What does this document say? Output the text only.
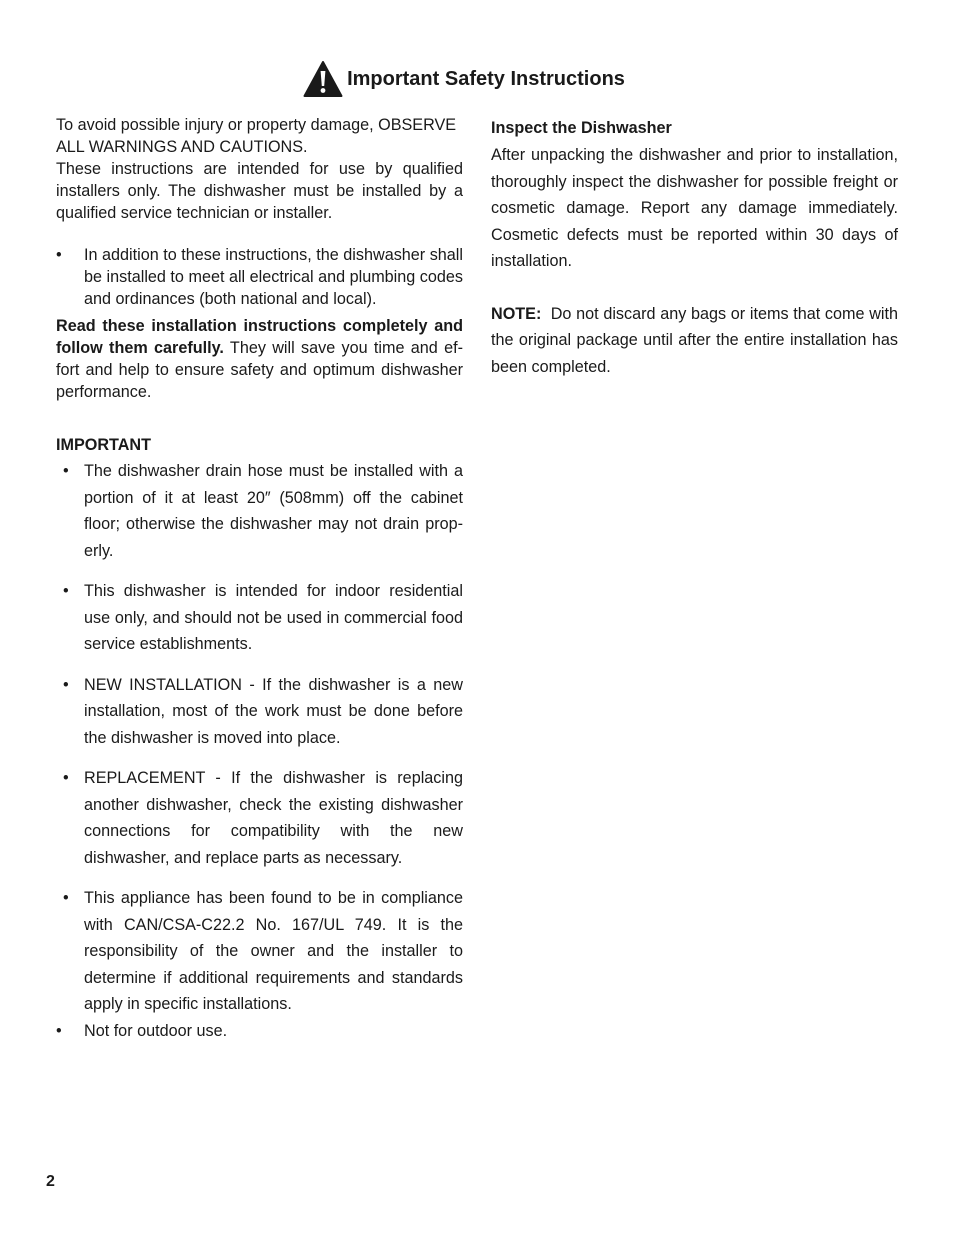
Important Safety Instructions

To avoid possible injury or property damage, OBSERVE ALL WARNINGS AND CAUTIONS.

These instructions are intended for use by qualified installers only. The dishwasher must be installed by a qualified service technician or installer.

• In addition to these instructions, the dishwasher shall be installed to meet all electrical and plumbing codes and ordinances (both national and local).

Read these installation instructions completely and follow them carefully. They will save you time and effort and help to ensure safety and optimum dishwasher performance.

IMPORTANT
• The dishwasher drain hose must be installed with a portion of it at least 20″ (508mm) off the cabinet floor; otherwise the dishwasher may not drain properly.
• This dishwasher is intended for indoor residential use only, and should not be used in commercial food service establishments.
• NEW INSTALLATION - If the dishwasher is a new installation, most of the work must be done before the dishwasher is moved into place.
• REPLACEMENT - If the dishwasher is replacing another dishwasher, check the existing dishwasher connections for compatibility with the new dishwasher, and replace parts as necessary.
• This appliance has been found to be in compliance with CAN/CSA-C22.2 No. 167/UL 749. It is the responsibility of the owner and the installer to determine if additional requirements and standards apply in specific installations.
• Not for outdoor use.
Inspect the Dishwasher

After unpacking the dishwasher and prior to installation, thoroughly inspect the dishwasher for possible freight or cosmetic damage. Report any damage immediately. Cosmetic defects must be reported within 30 days of installation.

NOTE:  Do not discard any bags or items that come with the original package until after the entire installation has been completed.

2
